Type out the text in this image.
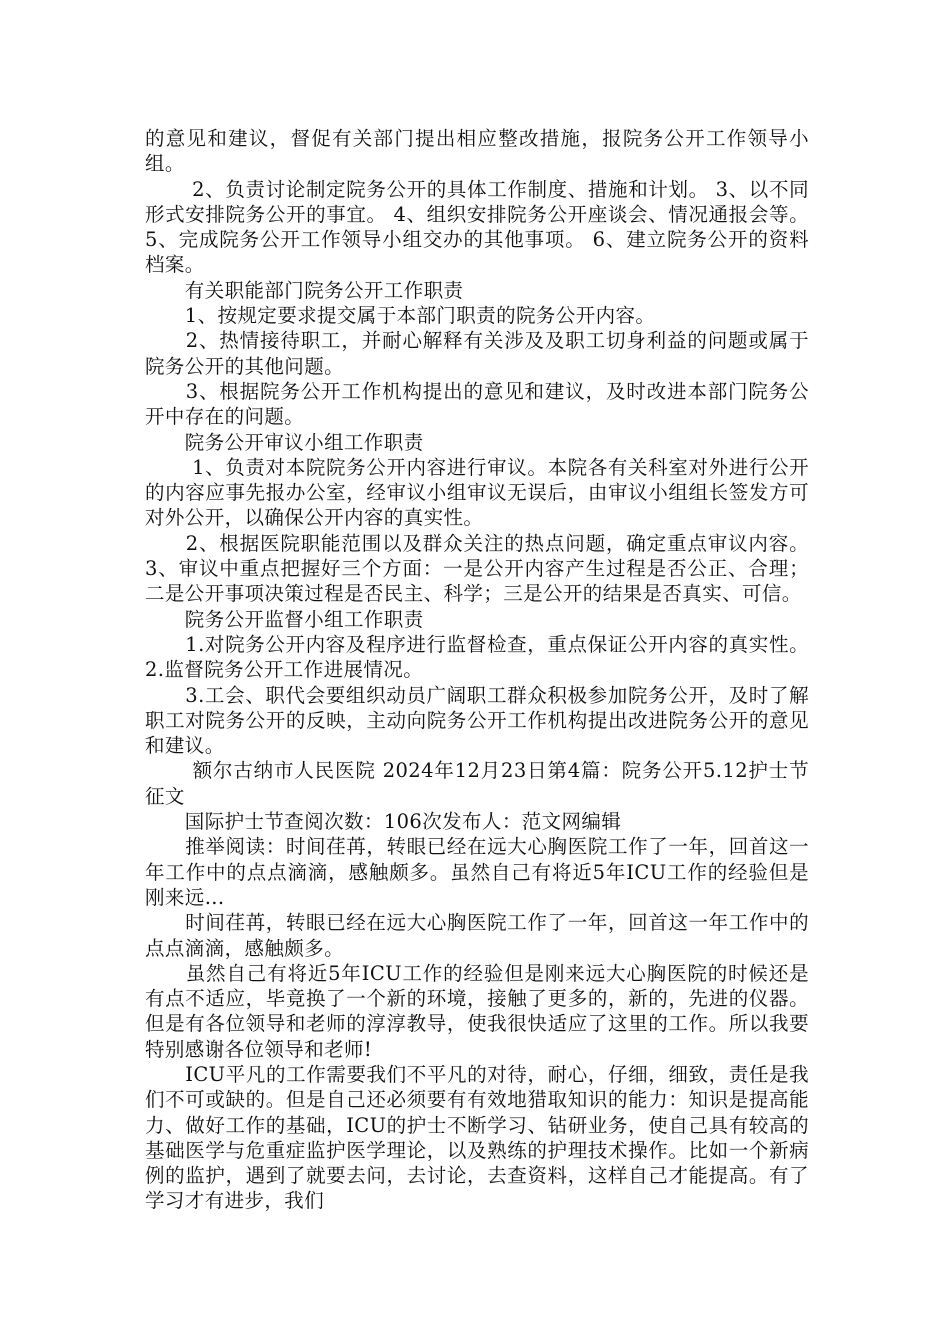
的意见和建议，督促有关部门提出相应整改措施，报院务公开工作领导小组。

　　 2、负责讨论制定院务公开的具体工作制度、措施和计划。 3、以不同形式安排院务公开的事宜。 4、组织安排院务公开座谈会、情况通报会等。 5、完成院务公开工作领导小组交办的其他事项。 6、建立院务公开的资料档案。

　　有关职能部门院务公开工作职责

　　1、按规定要求提交属于本部门职责的院务公开内容。

　　2、热情接待职工，并耐心解释有关涉及及职工切身利益的问题或属于院务公开的其他问题。

　　3、根据院务公开工作机构提出的意见和建议，及时改进本部门院务公开中存在的问题。

　　院务公开审议小组工作职责

　　 1、负责对本院院务公开内容进行审议。本院各有关科室对外进行公开的内容应事先报办公室，经审议小组审议无误后，由审议小组组长签发方可对外公开，以确保公开内容的真实性。

　　2、根据医院职能范围以及群众关注的热点问题，确定重点审议内容。 3、审议中重点把握好三个方面：一是公开内容产生过程是否公正、合理；二是公开事项决策过程是否民主、科学；三是公开的结果是否真实、可信。

　　院务公开监督小组工作职责

　　1.对院务公开内容及程序进行监督检查，重点保证公开内容的真实性。 2.监督院务公开工作进展情况。

　　3.工会、职代会要组织动员广阔职工群众积极参加院务公开，及时了解职工对院务公开的反映，主动向院务公开工作机构提出改进院务公开的意见和建议。

　　 额尔古纳市人民医院 2024年12月23日第4篇：院务公开5.12护士节征文

　　国际护士节查阅次数：106次发布人：范文网编辑

　　推举阅读：时间荏苒，转眼已经在远大心胸医院工作了一年，回首这一年工作中的点点滴滴，感触颇多。虽然自己有将近5年ICU工作的经验但是刚来远...

　　时间荏苒，转眼已经在远大心胸医院工作了一年，回首这一年工作中的点点滴滴，感触颇多。

　　虽然自己有将近5年ICU工作的经验但是刚来远大心胸医院的时候还是有点不适应，毕竟换了一个新的环境，接触了更多的，新的，先进的仪器。但是有各位领导和老师的淳淳教导，使我很快适应了这里的工作。所以我要特别感谢各位领导和老师!

　　ICU平凡的工作需要我们不平凡的对待，耐心，仔细，细致，责任是我们不可或缺的。但是自己还必须要有有效地猎取知识的能力：知识是提高能力、做好工作的基础，ICU的护士不断学习、钻研业务，使自己具有较高的基础医学与危重症监护医学理论，以及熟练的护理技术操作。比如一个新病例的监护，遇到了就要去问，去讨论，去查资料，这样自己才能提高。有了学习才有进步，我们
